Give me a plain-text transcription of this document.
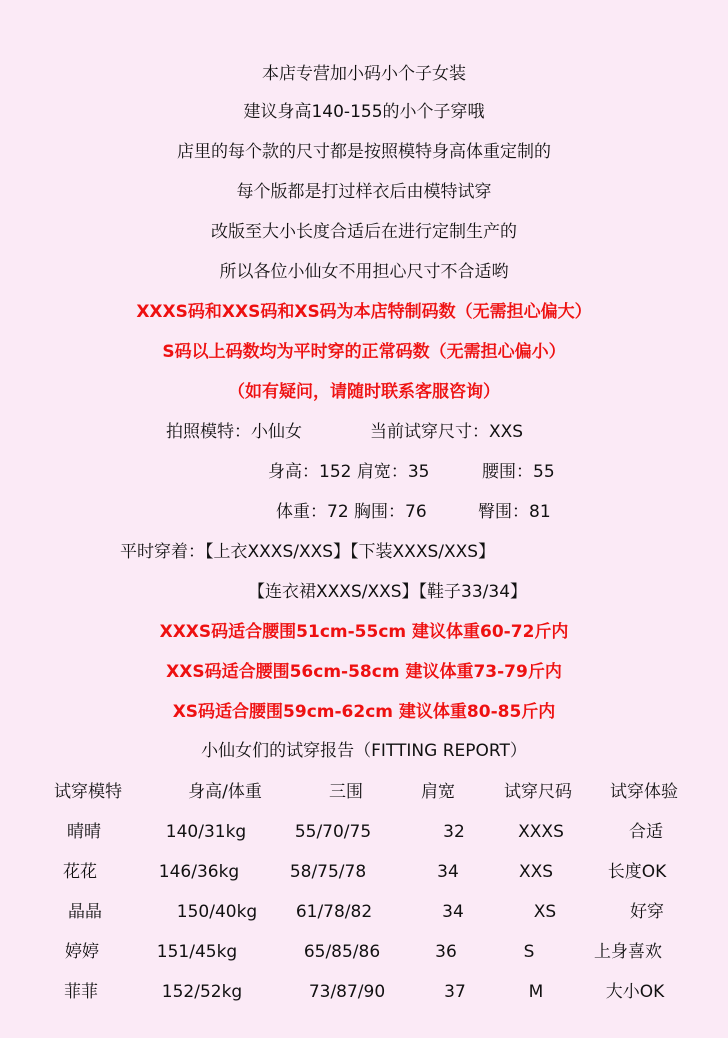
本店专营加小码小个子女装
建议身高140-155的小个子穿哦
店里的每个款的尺寸都是按照模特身高体重定制的
每个版都是打过样衣后由模特试穿
改版至大小长度合适后在进行定制生产的
所以各位小仙女不用担心尺寸不合适哟
XXXS码和XXS码和XS码为本店特制码数（无需担心偏大）
S码以上码数均为平时穿的正常码数（无需担心偏小）
（如有疑问，请随时联系客服咨询）
拍照模特：小仙女	当前试穿尺寸：XXS
身高：152 肩宽：35	腰围：55
体重：72 胸围：76	臀围：81
平时穿着：【上衣XXXS/XXS】【下装XXXS/XXS】
【连衣裙XXXS/XXS】【鞋子33/34】
XXXS码适合腰围51cm-55cm 建议体重60-72斤内
XXS码适合腰围56cm-58cm 建议体重73-79斤内
XS码适合腰围59cm-62cm 建议体重80-85斤内
小仙女们的试穿报告（FITTING REPORT）
试穿模特	身高/体重	三围	肩宽	试穿尺码 试穿体验
晴晴	140/31kg	55/70/75	32	XXXS	合适
花花	146/36kg	58/75/78	34	XXS	长度OK
晶晶	150/40kg 61/78/82	34	XS	好穿
婷婷	151/45kg	65/85/86	36	S	上身喜欢
菲菲	152/52kg	73/87/90	37	M	大小OK
